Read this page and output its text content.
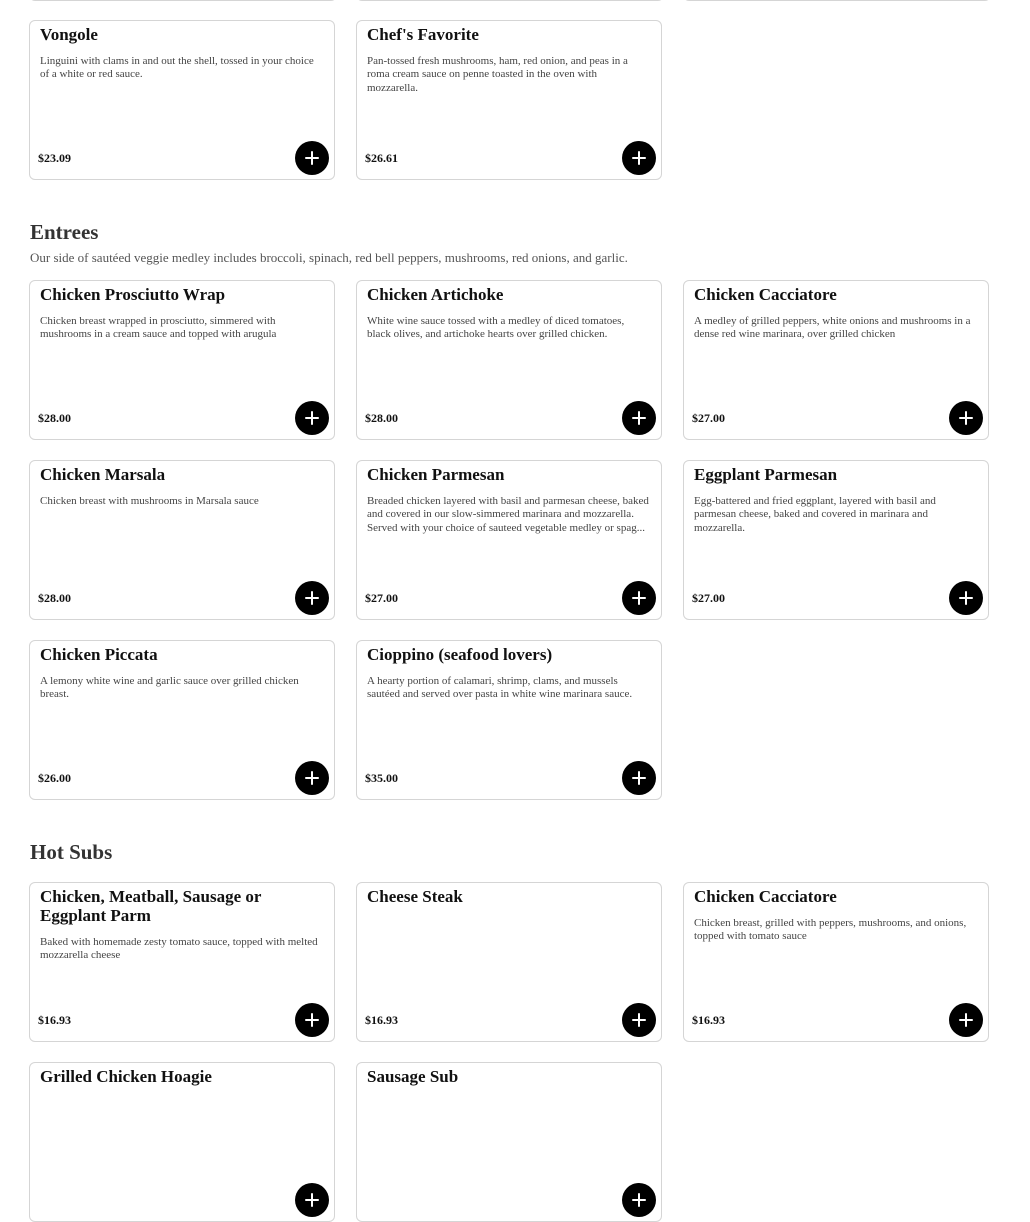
Vongole
Linguini with clams in and out the shell, tossed in your choice of a white or red sauce.
$23.09
Chef's Favorite
Pan-tossed fresh mushrooms, ham, red onion, and peas in a roma cream sauce on penne toasted in the oven with mozzarella.
$26.61
Entrees
Our side of sautéed veggie medley includes broccoli, spinach, red bell peppers, mushrooms, red onions, and garlic.
Chicken Prosciutto Wrap
Chicken breast wrapped in prosciutto, simmered with mushrooms in a cream sauce and topped with arugula
$28.00
Chicken Artichoke
White wine sauce tossed with a medley of diced tomatoes, black olives, and artichoke hearts over grilled chicken.
$28.00
Chicken Cacciatore
A medley of grilled peppers, white onions and mushrooms in a dense red wine marinara, over grilled chicken
$27.00
Chicken Marsala
Chicken breast with mushrooms in Marsala sauce
$28.00
Chicken Parmesan
Breaded chicken layered with basil and parmesan cheese, baked and covered in our slow-simmered marinara and mozzarella. Served with your choice of sauteed vegetable medley or spag...
$27.00
Eggplant Parmesan
Egg-battered and fried eggplant, layered with basil and parmesan cheese, baked and covered in marinara and mozzarella.
$27.00
Chicken Piccata
A lemony white wine and garlic sauce over grilled chicken breast.
$26.00
Cioppino (seafood lovers)
A hearty portion of calamari, shrimp, clams, and mussels sautéed and served over pasta in white wine marinara sauce.
$35.00
Hot Subs
Chicken, Meatball, Sausage or Eggplant Parm
Baked with homemade zesty tomato sauce, topped with melted mozzarella cheese
$16.93
Cheese Steak
$16.93
Chicken Cacciatore
Chicken breast, grilled with peppers, mushrooms, and onions, topped with tomato sauce
$16.93
Grilled Chicken Hoagie	Sausage Sub
